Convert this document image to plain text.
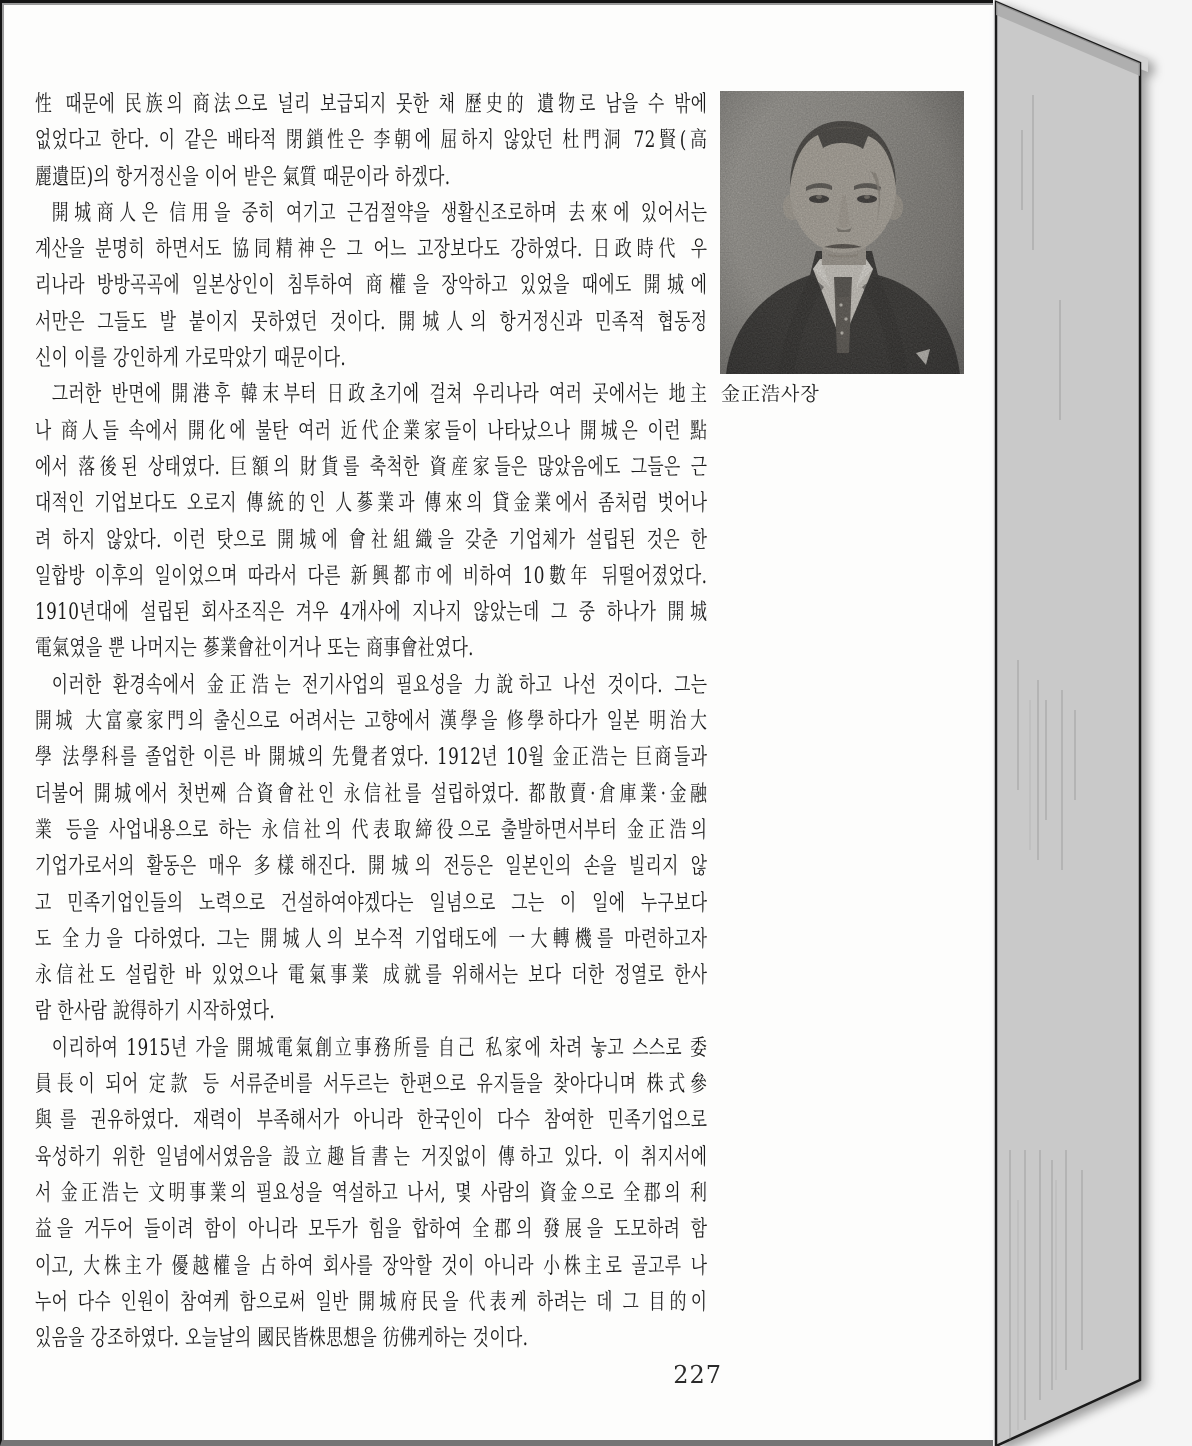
性 때문에 民族의 商法으로 널리 보급되지 못한 채 歷史的 遺物로 남을 수 밖에
없었다고 한다. 이 같은 배타적 閉鎖性은 李朝에 屈하지 않았던 杜門洞 72賢(高
麗遺臣)의 항거정신을 이어 받은 氣質 때문이라 하겠다.
開城商人은 信用을 중히 여기고 근검절약을 생활신조로하며 去來에 있어서는
계산을 분명히 하면서도 協同精神은 그 어느 고장보다도 강하였다. 日政時代 우
리나라 방방곡곡에 일본상인이 침투하여 商權을 장악하고 있었을 때에도 開城에
서만은 그들도 발 붙이지 못하였던 것이다. 開城人의 항거정신과 민족적 협동정
신이 이를 강인하게 가로막았기 때문이다.
그러한 반면에 開港후 韓末부터 日政초기에 걸쳐 우리나라 여러 곳에서는 地主
나 商人들 속에서 開化에 불탄 여러 近代企業家들이 나타났으나 開城은 이런 點
에서 落後된 상태였다. 巨額의 財貨를 축척한 資産家들은 많았음에도 그들은 근
대적인 기업보다도 오로지 傳統的인 人蔘業과 傳來의 貸金業에서 좀처럼 벗어나
려 하지 않았다. 이런 탓으로 開城에 會社組織을 갖춘 기업체가 설립된 것은 한
일합방 이후의 일이었으며 따라서 다른 新興都市에 비하여 10數年 뒤떨어졌었다.
1910년대에 설립된 회사조직은 겨우 4개사에 지나지 않았는데 그 중 하나가 開城
電氣였을 뿐 나머지는 蔘業會社이거나 또는 商事會社였다.
이러한 환경속에서 金正浩는 전기사업의 필요성을 力說하고 나선 것이다. 그는
開城 大富豪家門의 출신으로 어려서는 고향에서 漢學을 修學하다가 일본 明治大
學 法學科를 졸업한 이른 바 開城의 先覺者였다. 1912년 10월 金正浩는 巨商들과
더불어 開城에서 첫번째 合資會社인 永信社를 설립하였다. 都散賣·倉庫業·金融
業 등을 사업내용으로 하는 永信社의 代表取締役으로 출발하면서부터 金正浩의
기업가로서의 활동은 매우 多樣해진다. 開城의 전등은 일본인의 손을 빌리지 않
고 민족기업인들의 노력으로 건설하여야겠다는 일념으로 그는 이 일에 누구보다
도 全力을 다하였다. 그는 開城人의 보수적 기업태도에 一大轉機를 마련하고자
永信社도 설립한 바 있었으나 電氣事業 成就를 위해서는 보다 더한 정열로 한사
람 한사람 說得하기 시작하였다.
이리하여 1915년 가을 開城電氣創立事務所를 自己 私家에 차려 놓고 스스로 委
員長이 되어 定款 등 서류준비를 서두르는 한편으로 유지들을 찾아다니며 株式參
與를 권유하였다. 재력이 부족해서가 아니라 한국인이 다수 참여한 민족기업으로
육성하기 위한 일념에서였음을 設立趣旨書는 거짓없이 傳하고 있다. 이 취지서에
서 金正浩는 文明事業의 필요성을 역설하고 나서, 몇 사람의 資金으로 全郡의 利
益을 거두어 들이려 함이 아니라 모두가 힘을 합하여 全郡의 發展을 도모하려 함
이고, 大株主가 優越權을 占하여 회사를 장악할 것이 아니라 小株主로 골고루 나
누어 다수 인원이 참여케 함으로써 일반 開城府民을 代表케 하려는 데 그 目的이
있음을 강조하였다. 오늘날의 國民皆株思想을 彷佛케하는 것이다.
金正浩사장
227
